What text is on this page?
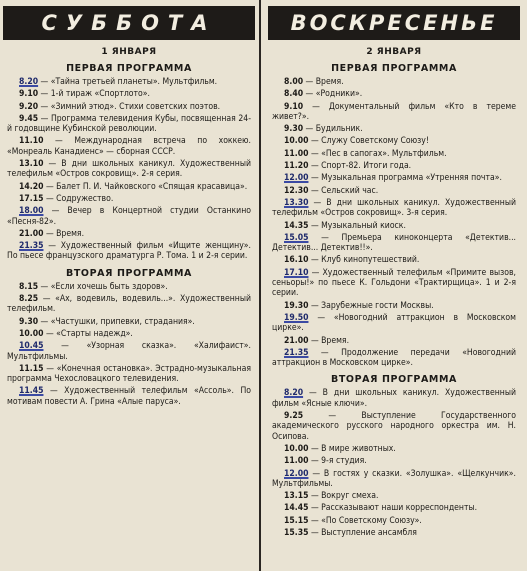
СУББОТА
1 ЯНВАРЯ
ПЕРВАЯ ПРОГРАММА
8.20 — «Тайна третьей планеты». Мультфильм.
9.10 — 1-й тираж «Спортлото».
9.20 — «Зимний этюд». Стихи советских поэтов.
9.45 — Программа телевидения Кубы, посвященная 24-й годовщине Кубинской революции.
11.10 — Международная встреча по хоккею. «Монреаль Канадиенс» — сборная СССР.
13.10 — В дни школьных каникул. Художественный телефильм «Остров сокровищ». 2-я серия.
14.20 — Балет П. И. Чайковского «Спящая красавица».
17.15 — Содружество.
18.00 — Вечер в Концертной студии Останкино «Песня-82».
21.00 — Время.
21.35 — Художественный фильм «Ищите женщину». По пьесе французского драматурга Р. Тома. 1 и 2-я серии.
ВТОРАЯ ПРОГРАММА
8.15 — «Если хочешь быть здоров».
8.25 — «Ах, водевиль, водевиль...». Художественный телефильм.
9.30 — «Частушки, припевки, страдания».
10.00 — «Старты надежд».
10.45 — «Узорная сказка». «Халифаист». Мультфильмы.
11.15 — «Конечная остановка». Эстрадно-музыкальная программа Чехословацкого телевидения.
11.45 — Художественный телефильм «Ассоль». По мотивам повести А. Грина «Алые паруса».
ВОСКРЕСЕНЬЕ
2 ЯНВАРЯ
ПЕРВАЯ ПРОГРАММА
8.00 — Время.
8.40 — «Родники».
9.10 — Документальный фильм «Кто в тереме живет?».
9.30 — Будильник.
10.00 — Служу Советскому Союзу!
11.00 — «Пес в сапогах». Мультфильм.
11.20 — Спорт-82. Итоги года.
12.00 — Музыкальная программа «Утренняя почта».
12.30 — Сельский час.
13.30 — В дни школьных каникул. Художественный телефильм «Остров сокровищ». 3-я серия.
14.35 — Музыкальный киоск.
15.05 — Премьера киноконцерта «Детектив... Детектив... Детектив!!».
16.10 — Клуб кинопутешествий.
17.10 — Художественный телефильм «Примите вызов, сеньоры!» по пьесе К. Гольдони «Трактирщица». 1 и 2-я серии.
19.30 — Зарубежные гости Москвы.
19.50 — «Новогодний аттракцион в Московском цирке».
21.00 — Время.
21.35 — Продолжение передачи «Новогодний аттракцион в Московском цирке».
ВТОРАЯ ПРОГРАММА
8.20 — В дни школьных каникул. Художественный фильм «Ясные ключи».
9.25	— Выступление Государственного академического русского народного оркестра им. Н. Осипова.
10.00 — В мире животных.
11.00 — 9-я студия.
12.00 — В гостях у сказки. «Золушка». «Щелкунчик». Мультфильмы.
13.15 — Вокруг смеха.
14.45 — Рассказывают наши корреспонденты.
15.15 — «По Советскому Союзу».
15.35 — Выступление ансамбля
